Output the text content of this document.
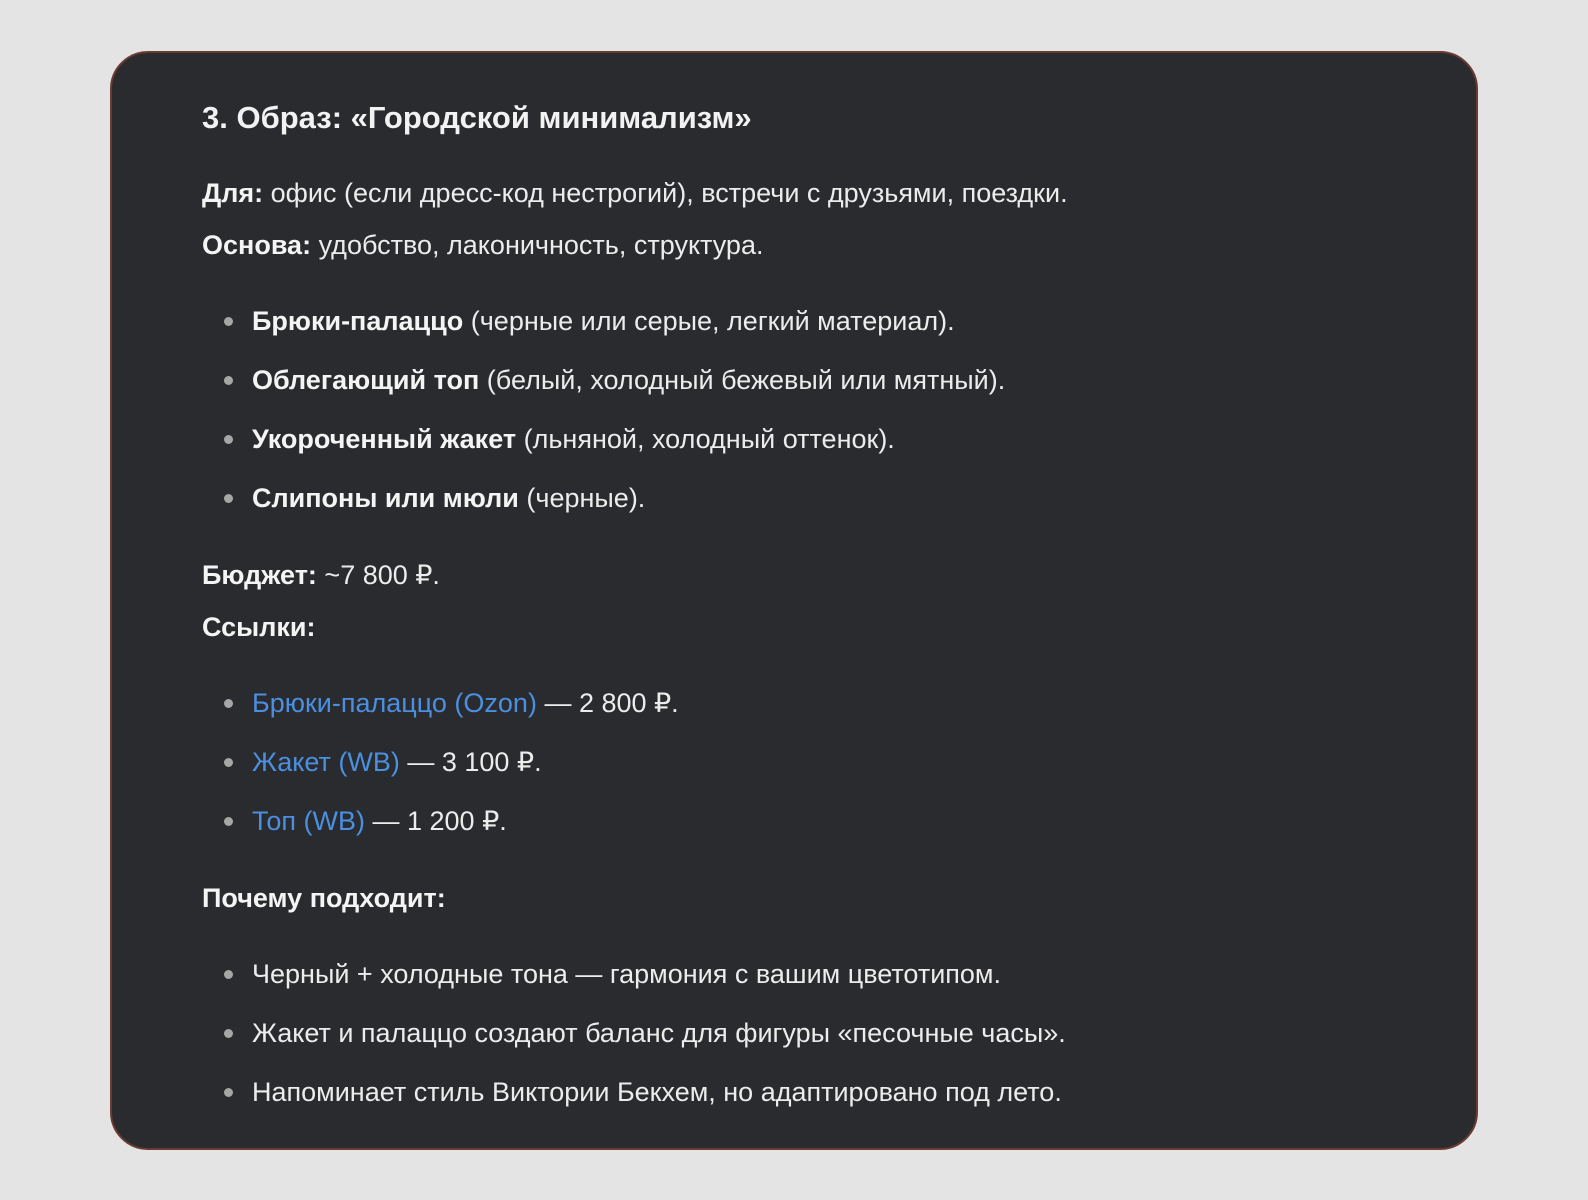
3. Образ: «Городской минимализм»

Для: офис (если дресс-код нестрогий), встречи с друзьями, поездки.

Основа: удобство, лаконичность, структура.

Брюки-палаццо (черные или серые, легкий материал).
Облегающий топ (белый, холодный бежевый или мятный).
Укороченный жакет (льняной, холодный оттенок).
Слипоны или мюли (черные).

Бюджет: ~7 800 ₽.

Ссылки:

Брюки-палаццо (Ozon) — 2 800 ₽.
Жакет (WB) — 3 100 ₽.
Топ (WB) — 1 200 ₽.

Почему подходит:

Черный + холодные тона — гармония с вашим цветотипом.
Жакет и палаццо создают баланс для фигуры «песочные часы».
Напоминает стиль Виктории Бекхем, но адаптировано под лето.
